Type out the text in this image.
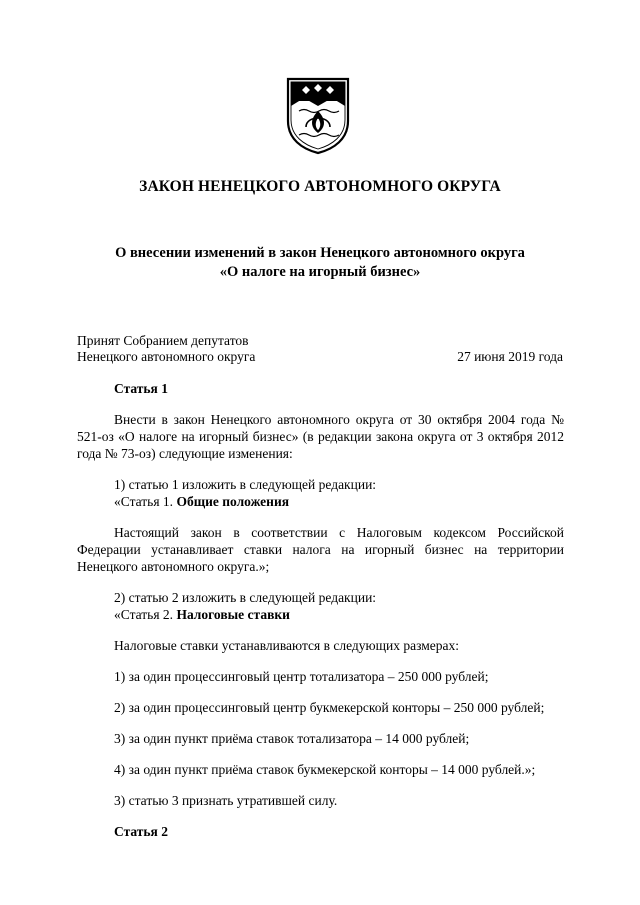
ЗАКОН НЕНЕЦКОГО АВТОНОМНОГО ОКРУГА
О внесении изменений в закон Ненецкого автономного округа
«О налоге на игорный бизнес»
Принят Собранием депутатов
Ненецкого автономного округа	27 июня 2019 года

Статья 1

Внести в закон Ненецкого автономного округа от 30 октября 2004 года № 521-оз «О налоге на игорный бизнес» (в редакции закона округа от 3 октября 2012 года № 73-оз) следующие изменения:

1) статью 1 изложить в следующей редакции:

«Статья 1. Общие положения

Настоящий закон в соответствии с Налоговым кодексом Российской Федерации устанавливает ставки налога на игорный бизнес на территории Ненецкого автономного округа.»;

2) статью 2 изложить в следующей редакции:

«Статья 2. Налоговые ставки

Налоговые ставки устанавливаются в следующих размерах:

1) за один процессинговый центр тотализатора – 250 000 рублей;

2) за один процессинговый центр букмекерской конторы – 250 000 рублей;

3) за один пункт приёма ставок тотализатора – 14 000 рублей;

4) за один пункт приёма ставок букмекерской конторы – 14 000 рублей.»;

3) статью 3 признать утратившей силу.

Статья 2
